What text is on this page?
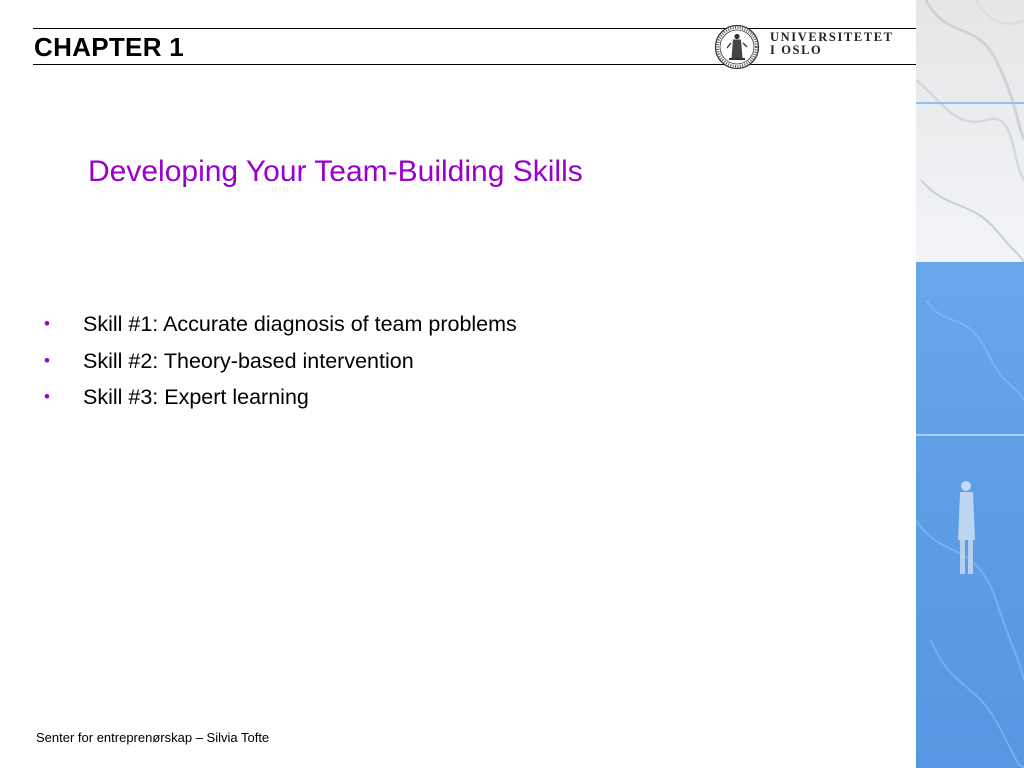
CHAPTER 1	UNIVERSITETET
I OSLO
Developing Your Team-Building Skills
• Skill #1: Accurate diagnosis of team problems
• Skill #2: Theory-based intervention
• Skill #3: Expert learning
Senter for entreprenørskap – Silvia Tofte
